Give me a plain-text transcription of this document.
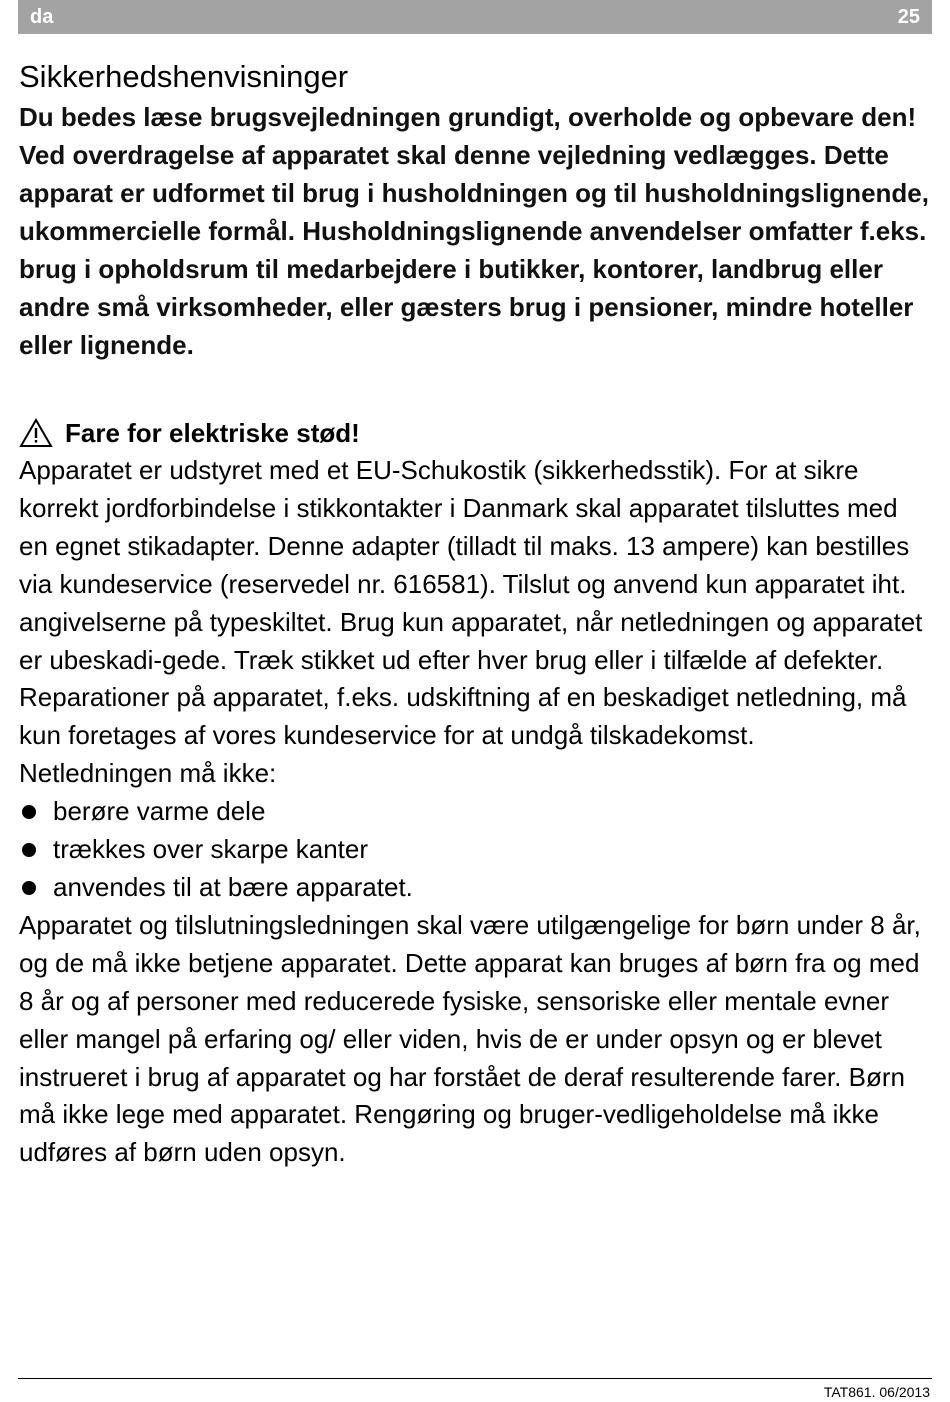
da	25
Sikkerhedshenvisninger

Du bedes læse brugsvejledningen grundigt, overholde og opbevare den! Ved overdragelse af apparatet skal denne vejledning vedlægges. Dette apparat er udformet til brug i husholdningen og til husholdningslignende, ukommercielle formål. Husholdningslignende anvendelser omfatter f.eks. brug i opholdsrum til medarbejdere i butikker, kontorer, landbrug eller andre små virksomheder, eller gæsters brug i pensioner, mindre hoteller eller lignende.

Fare for elektriske stød!

Apparatet er udstyret med et EU-Schukostik (sikkerhedsstik). For at sikre korrekt jordforbindelse i stikkontakter i Danmark skal apparatet tilsluttes med en egnet stikadapter. Denne adapter (tilladt til maks. 13 ampere) kan bestilles via kundeservice (reservedel nr. 616581). Tilslut og anvend kun apparatet iht. angivelserne på typeskiltet. Brug kun apparatet, når netledningen og apparatet er ubeskadi-gede. Træk stikket ud efter hver brug eller i tilfælde af defekter. Reparationer på apparatet, f.eks. udskiftning af en beskadiget netledning, må kun foretages af vores kundeservice for at undgå tilskadekomst.

Netledningen må ikke:

berøre varme dele
trækkes over skarpe kanter
anvendes til at bære apparatet.

Apparatet og tilslutningsledningen skal være utilgængelige for børn under 8 år, og de må ikke betjene apparatet. Dette apparat kan bruges af børn fra og med 8 år og af personer med reducerede fysiske, sensoriske eller mentale evner eller mangel på erfaring og/ eller viden, hvis de er under opsyn og er blevet instrueret i brug af apparatet og har forstået de deraf resulterende farer. Børn må ikke lege med apparatet. Rengøring og bruger-vedligeholdelse må ikke udføres af børn uden opsyn.

TAT861. 06/2013
